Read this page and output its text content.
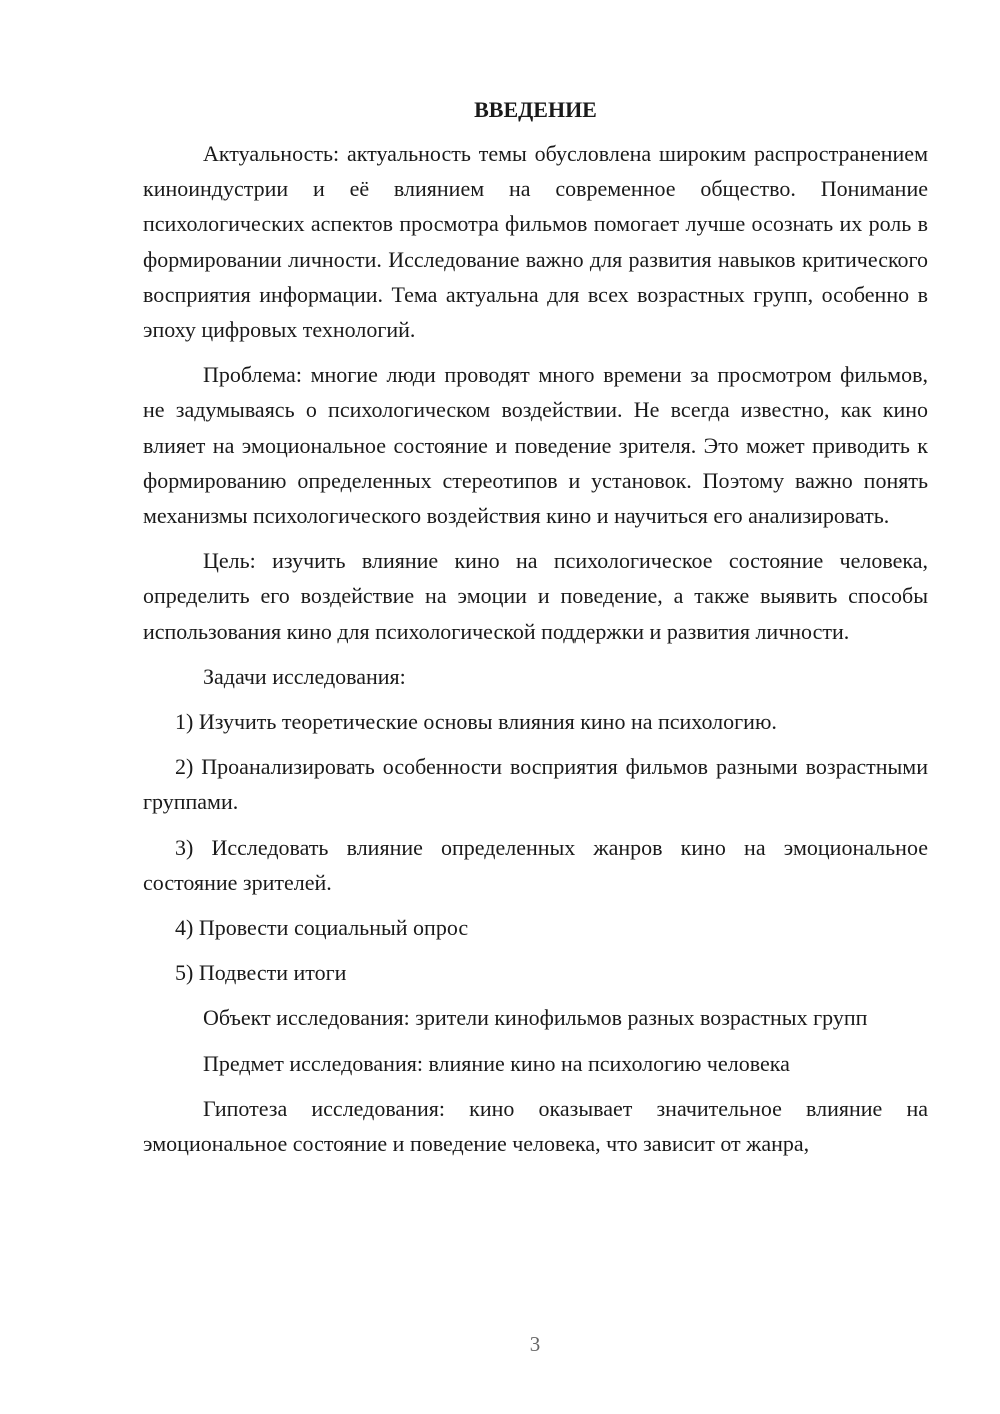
ВВЕДЕНИЕ

Актуальность: актуальность темы обусловлена широким распространением киноиндустрии и её влиянием на современное общество. Понимание психологических аспектов просмотра фильмов помогает лучше осознать их роль в формировании личности. Исследование важно для развития навыков критического восприятия информации. Тема актуальна для всех возрастных групп, особенно в эпоху цифровых технологий.

Проблема: многие люди проводят много времени за просмотром фильмов, не задумываясь о психологическом воздействии. Не всегда известно, как кино влияет на эмоциональное состояние и поведение зрителя. Это может приводить к формированию определенных стереотипов и установок. Поэтому важно понять механизмы психологического воздействия кино и научиться его анализировать.

Цель: изучить влияние кино на психологическое состояние человека, определить его воздействие на эмоции и поведение, а также выявить способы использования кино для психологической поддержки и развития личности.

Задачи исследования:

1) Изучить теоретические основы влияния кино на психологию.

2) Проанализировать особенности восприятия фильмов разными возрастными группами.

3) Исследовать влияние определенных жанров кино на эмоциональное состояние зрителей.

4) Провести социальный опрос

5) Подвести итоги

Объект исследования: зрители кинофильмов разных возрастных групп

Предмет исследования: влияние кино на психологию человека

Гипотеза исследования: кино оказывает значительное влияние на эмоциональное состояние и поведение человека, что зависит от жанра,

3
